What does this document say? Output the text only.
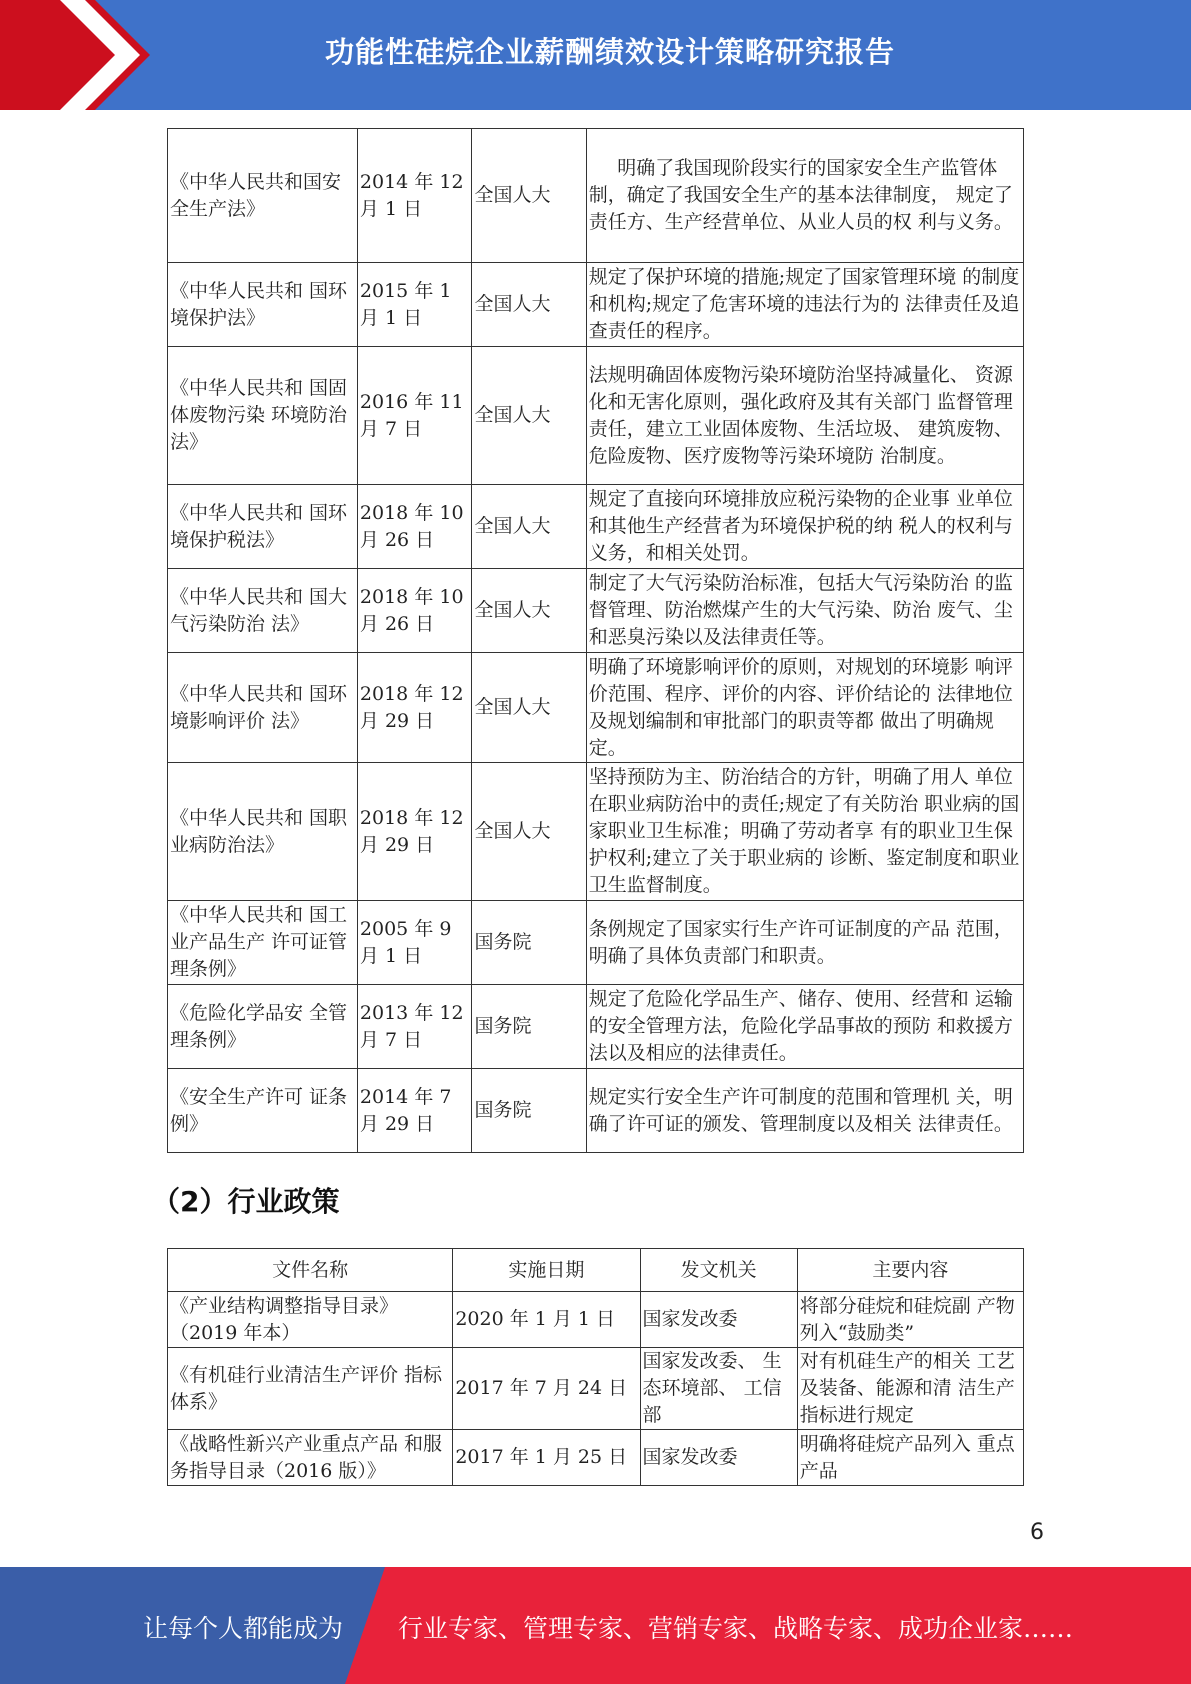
功能性硅烷企业薪酬绩效设计策略研究报告
《中华人民共和国安全生产法》	2014 年 12 月 1 日	全国人大	明确了我国现阶段实行的国家安全生产监管体制，确定了我国安全生产的基本法律制度， 规定了责任方、生产经营单位、从业人员的权 利与义务。
《中华人民共和 国环境保护法》	2015 年 1 月 1 日	全国人大	规定了保护环境的措施;规定了国家管理环境 的制度和机构;规定了危害环境的违法行为的 法律责任及追查责任的程序。
《中华人民共和 国固体废物污染 环境防治法》	2016 年 11 月 7 日	全国人大	法规明确固体废物污染环境防治坚持减量化、 资源化和无害化原则，强化政府及其有关部门 监督管理责任，建立工业固体废物、生活垃圾、 建筑废物、危险废物、医疗废物等污染环境防 治制度。
《中华人民共和 国环境保护税法》	2018 年 10 月 26 日	全国人大	规定了直接向环境排放应税污染物的企业事 业单位和其他生产经营者为环境保护税的纳 税人的权利与义务，和相关处罚。
《中华人民共和 国大气污染防治 法》	2018 年 10 月 26 日	全国人大	制定了大气污染防治标准，包括大气污染防治 的监督管理、防治燃煤产生的大气污染、防治 废气、尘和恶臭污染以及法律责任等。
《中华人民共和 国环境影响评价 法》	2018 年 12 月 29 日	全国人大	明确了环境影响评价的原则，对规划的环境影 响评价范围、程序、评价的内容、评价结论的 法律地位及规划编制和审批部门的职责等都 做出了明确规定。
《中华人民共和 国职业病防治法》	2018 年 12 月 29 日	全国人大	坚持预防为主、防治结合的方针，明确了用人 单位在职业病防治中的责任;规定了有关防治 职业病的国家职业卫生标准；明确了劳动者享 有的职业卫生保护权利;建立了关于职业病的 诊断、鉴定制度和职业卫生监督制度。
《中华人民共和 国工业产品生产 许可证管理条例》	2005 年 9 月 1 日	国务院	条例规定了国家实行生产许可证制度的产品 范围，明确了具体负责部门和职责。
《危险化学品安 全管理条例》	2013 年 12 月 7 日	国务院	规定了危险化学品生产、储存、使用、经营和 运输的安全管理方法，危险化学品事故的预防 和救援方法以及相应的法律责任。
《安全生产许可 证条例》	2014 年 7 月 29 日	国务院	规定实行安全生产许可制度的范围和管理机 关，明确了许可证的颁发、管理制度以及相关 法律责任。
（2）行业政策
文件名称	实施日期	发文机关	主要内容
《产业结构调整指导目录》（2019 年本）	2020 年 1 月 1 日	国家发改委	将部分硅烷和硅烷副 产物列入“鼓励类”
《有机硅行业清洁生产评价 指标体系》	2017 年 7 月 24 日	国家发改委、 生态环境部、 工信部	对有机硅生产的相关 工艺及装备、能源和清 洁生产指标进行规定
《战略性新兴产业重点产品 和服务指导目录（2016 版）》	2017 年 1 月 25 日	国家发改委	明确将硅烷产品列入 重点产品
6
让每个人都能成为 行业专家、管理专家、营销专家、战略专家、成功企业家……
